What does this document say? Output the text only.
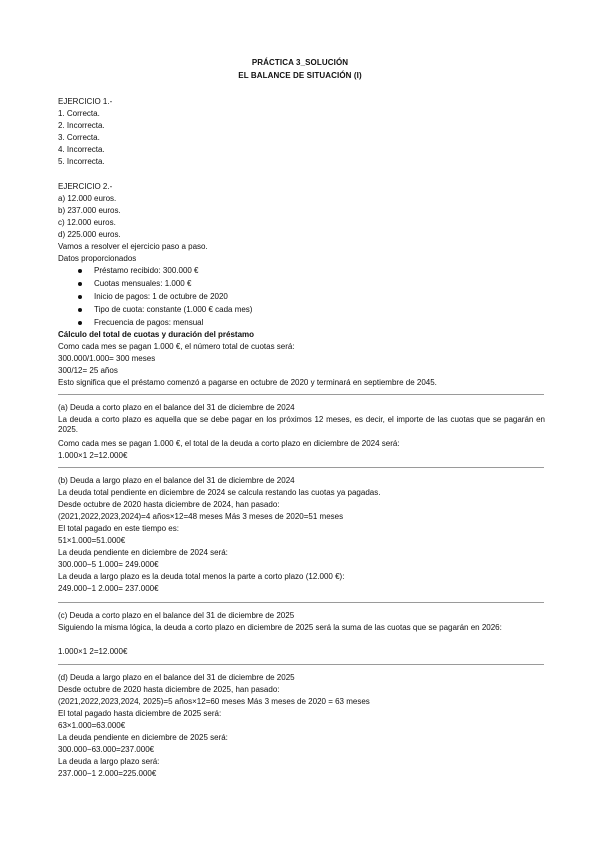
PRÁCTICA 3_SOLUCIÓN
EL BALANCE DE SITUACIÓN (I)
EJERCICIO 1.-
1. Correcta.
2. Incorrecta.
3. Correcta.
4. Incorrecta.
5. Incorrecta.
EJERCICIO 2.-
a) 12.000 euros.
b) 237.000 euros.
c) 12.000 euros.
d) 225.000 euros.
Vamos a resolver el ejercicio paso a paso.
Datos proporcionados
Préstamo recibido: 300.000 €
Cuotas mensuales: 1.000 €
Inicio de pagos: 1 de octubre de 2020
Tipo de cuota: constante (1.000 € cada mes)
Frecuencia de pagos: mensual
Cálculo del total de cuotas y duración del préstamo
Como cada mes se pagan 1.000 €, el número total de cuotas será:
300.000/1.000= 300 meses
300/12= 25 años
Esto significa que el préstamo comenzó a pagarse en octubre de 2020 y terminará en septiembre de 2045.
(a) Deuda a corto plazo en el balance del 31 de diciembre de 2024
La deuda a corto plazo es aquella que se debe pagar en los próximos 12 meses, es decir, el importe de las cuotas que se pagarán en 2025.
Como cada mes se pagan 1.000 €, el total de la deuda a corto plazo en diciembre de 2024 será:
1.000×1 2=12.000€
(b) Deuda a largo plazo en el balance del 31 de diciembre de 2024
La deuda total pendiente en diciembre de 2024 se calcula restando las cuotas ya pagadas.
Desde octubre de 2020 hasta diciembre de 2024, han pasado:
(2021,2022,2023,2024)=4 años×12=48 meses Más 3 meses de 2020=51 meses
El total pagado en este tiempo es:
51×1.000=51.000€
La deuda pendiente en diciembre de 2024 será:
300.000−5 1.000= 249.000€
La deuda a largo plazo es la deuda total menos la parte a corto plazo (12.000 €):
249.000−1 2.000= 237.000€
(c) Deuda a corto plazo en el balance del 31 de diciembre de 2025
Siguiendo la misma lógica, la deuda a corto plazo en diciembre de 2025 será la suma de las cuotas que se pagarán en 2026:
1.000×1 2=12.000€
(d) Deuda a largo plazo en el balance del 31 de diciembre de 2025
Desde octubre de 2020 hasta diciembre de 2025, han pasado:
(2021,2022,2023,2024, 2025)=5 años×12=60 meses Más 3 meses de 2020 = 63 meses
El total pagado hasta diciembre de 2025 será:
63×1.000=63.000€
La deuda pendiente en diciembre de 2025 será:
300.000−63.000=237.000€
La deuda a largo plazo será:
237.000−1 2.000=225.000€
